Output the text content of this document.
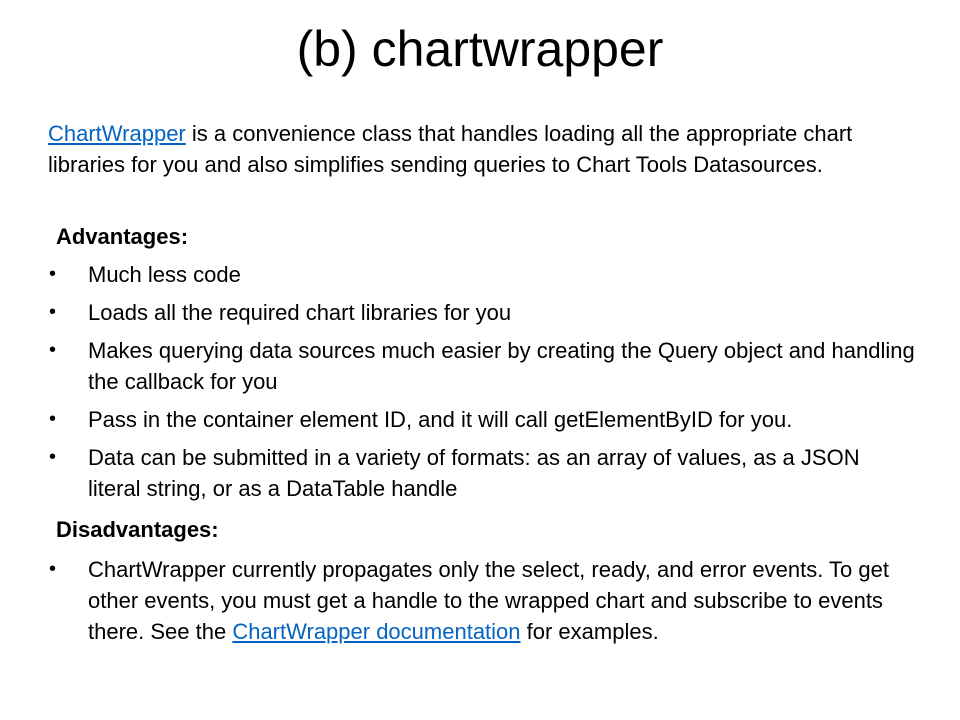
(b) chartwrapper

ChartWrapper is a convenience class that handles loading all the appropriate chart libraries for you and also simplifies sending queries to Chart Tools Datasources.

Advantages:

• Much less code
• Loads all the required chart libraries for you
• Makes querying data sources much easier by creating the Query object and handling the callback for you
• Pass in the container element ID, and it will call getElementByID for you.
• Data can be submitted in a variety of formats: as an array of values, as a JSON literal string, or as a DataTable handle

Disadvantages:

• ChartWrapper currently propagates only the select, ready, and error events. To get other events, you must get a handle to the wrapped chart and subscribe to events there. See the ChartWrapper documentation for examples.
